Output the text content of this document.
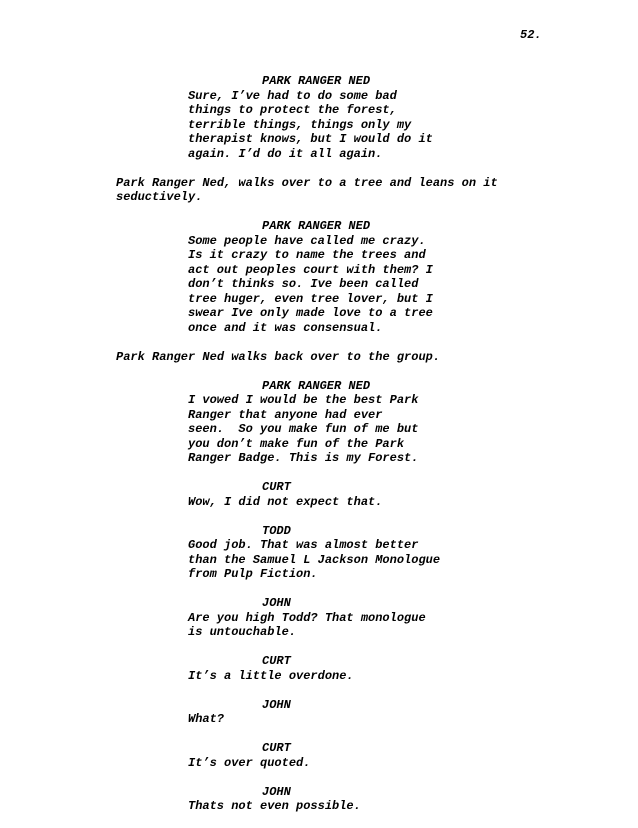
52.
PARK RANGER NED
Sure, I’ve had to do some bad
things to protect the forest,
terrible things, things only my
therapist knows, but I would do it
again. I’d do it all again.
Park Ranger Ned, walks over to a tree and leans on it
seductively.
PARK RANGER NED
Some people have called me crazy.
Is it crazy to name the trees and
act out peoples court with them? I
don’t thinks so. Ive been called
tree huger, even tree lover, but I
swear Ive only made love to a tree
once and it was consensual.
Park Ranger Ned walks back over to the group.
PARK RANGER NED
I vowed I would be the best Park
Ranger that anyone had ever
seen.  So you make fun of me but
you don’t make fun of the Park
Ranger Badge. This is my Forest.
CURT
Wow, I did not expect that.
TODD
Good job. That was almost better
than the Samuel L Jackson Monologue
from Pulp Fiction.
JOHN
Are you high Todd? That monologue
is untouchable.
CURT
It’s a little overdone.
JOHN
What?
CURT
It’s over quoted.
JOHN
Thats not even possible.
